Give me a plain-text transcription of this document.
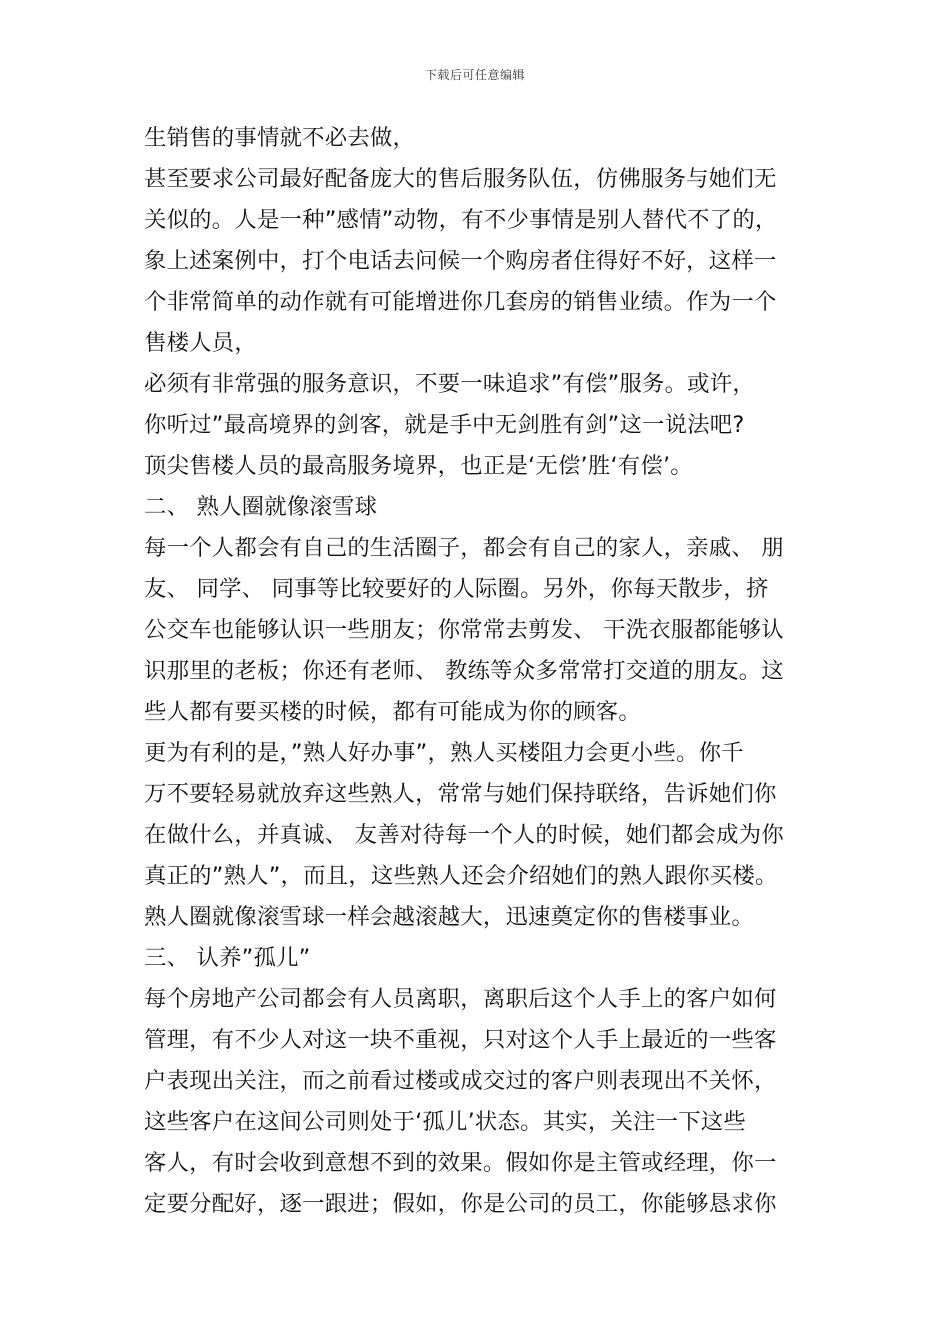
下载后可任意编辑
生销售的事情就不必去做，
甚至要求公司最好配备庞大的售后服务队伍，仿佛服务与她们无
关似的。人是一种”感情”动物，有不少事情是别人替代不了的，
象上述案例中，打个电话去问候一个购房者住得好不好，这样一
个非常简单的动作就有可能增进你几套房的销售业绩。作为一个
售楼人员，
必须有非常强的服务意识，不要一味追求”有偿”服务。或许，
你听过”最高境界的剑客，就是手中无剑胜有剑”这一说法吧?
顶尖售楼人员的最高服务境界，也正是‘无偿’胜‘有偿’。
二、 熟人圈就像滚雪球
每一个人都会有自己的生活圈子，都会有自己的家人，亲戚、 朋
友、 同学、 同事等比较要好的人际圈。另外，你每天散步，挤
公交车也能够认识一些朋友；你常常去剪发、 干洗衣服都能够认
识那里的老板；你还有老师、 教练等众多常常打交道的朋友。这
些人都有要买楼的时候，都有可能成为你的顾客。
更为有利的是，”熟人好办事”，熟人买楼阻力会更小些。你千
万不要轻易就放弃这些熟人，常常与她们保持联络，告诉她们你
在做什么，并真诚、 友善对待每一个人的时候，她们都会成为你
真正的”熟人”，而且，这些熟人还会介绍她们的熟人跟你买楼。
熟人圈就像滚雪球一样会越滚越大，迅速奠定你的售楼事业。
三、 认养”孤儿”
每个房地产公司都会有人员离职，离职后这个人手上的客户如何
管理，有不少人对这一块不重视，只对这个人手上最近的一些客
户表现出关注，而之前看过楼或成交过的客户则表现出不关怀，
这些客户在这间公司则处于‘孤儿’状态。其实，关注一下这些
客人，有时会收到意想不到的效果。假如你是主管或经理，你一
定要分配好，逐一跟进；假如，你是公司的员工，你能够恳求你
